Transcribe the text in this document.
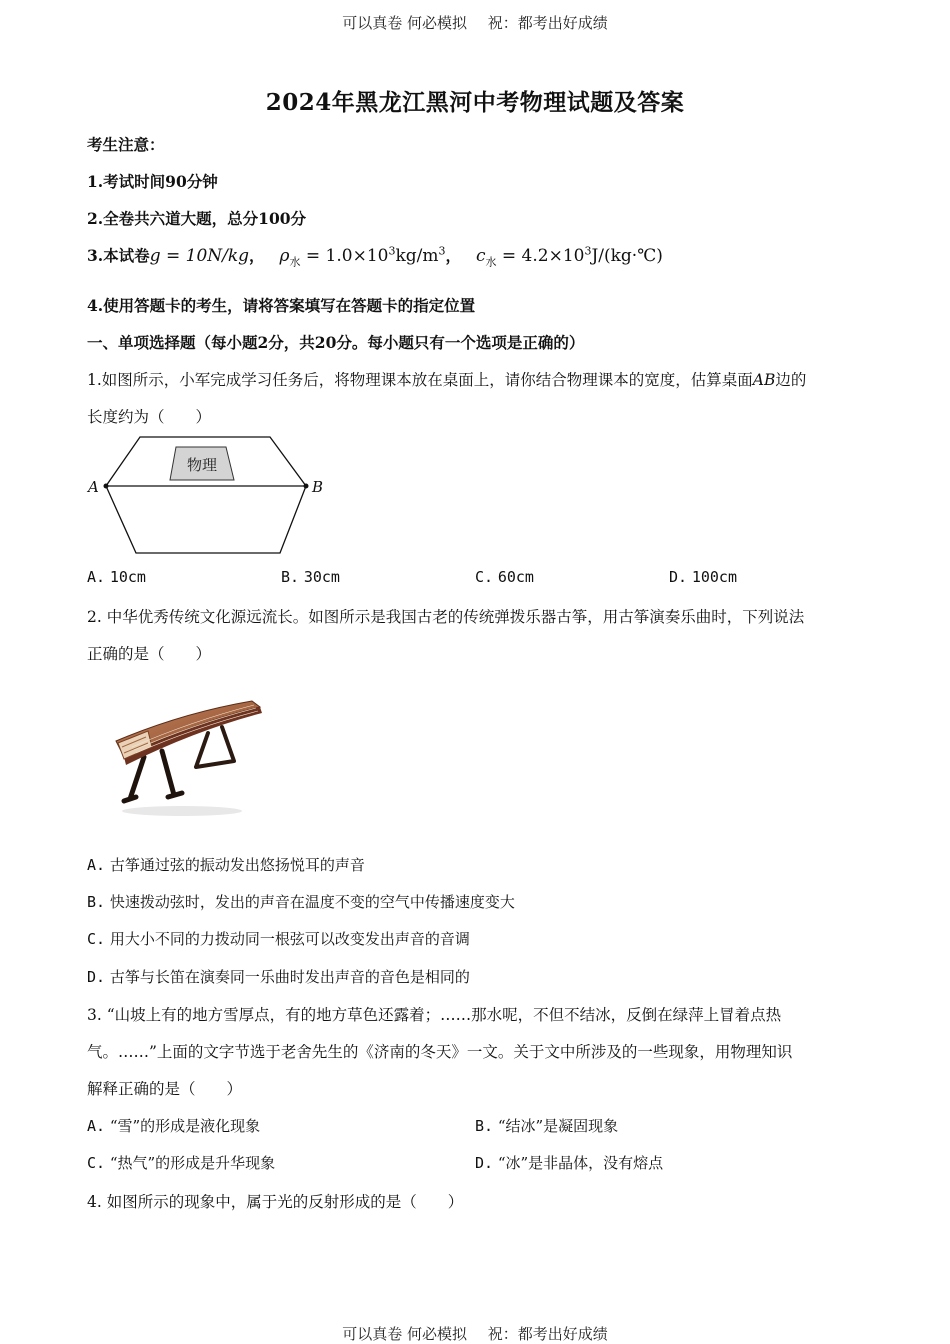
可以真卷 何必模拟 祝：都考出好成绩
2024年黑龙江黑河中考物理试题及答案
考生注意：
1.考试时间90分钟
2.全卷共六道大题，总分100分
3.本试卷g = 10N/kg， $\rho_水 = 1.0\times 10^3kg/m^3$， $c_水$ = $4.2\times 10^3J/(kg\cdot℃)$
4.使用答题卡的考生，请将答案填写在答题卡的指定位置
一、单项选择题（每小题2分，共20分。每小题只有一个选项是正确的）
1.如图所示，小军完成学习任务后，将物理课本放在桌面上，请你结合物理课本的宽度，估算桌面AB边的
长度约为（　　）
物理
A	B
A. 10cm	B. 30cm	C. 60cm	D. 100cm
2. 中华优秀传统文化源远流长。如图所示是我国古老的传统弹拨乐器古筝，用古筝演奏乐曲时，下列说法
正确的是（　　）
A. 古筝通过弦的振动发出悠扬悦耳的声音
B. 快速拨动弦时，发出的声音在温度不变的空气中传播速度变大
C. 用大小不同的力拨动同一根弦可以改变发出声音的音调
D. 古筝与长笛在演奏同一乐曲时发出声音的音色是相同的
3. “山坡上有的地方雪厚点，有的地方草色还露着；……那水呢，不但不结冰，反倒在绿萍上冒着点热
气。……”上面的文字节选于老舍先生的《济南的冬天》一文。关于文中所涉及的一些现象，用物理知识
解释正确的是（　　）
A. “雪”的形成是液化现象	B. “结冰”是凝固现象
C. “热气”的形成是升华现象	D. “冰”是非晶体，没有熔点
4. 如图所示的现象中，属于光的反射形成的是（　　）
可以真卷 何必模拟 祝：都考出好成绩
